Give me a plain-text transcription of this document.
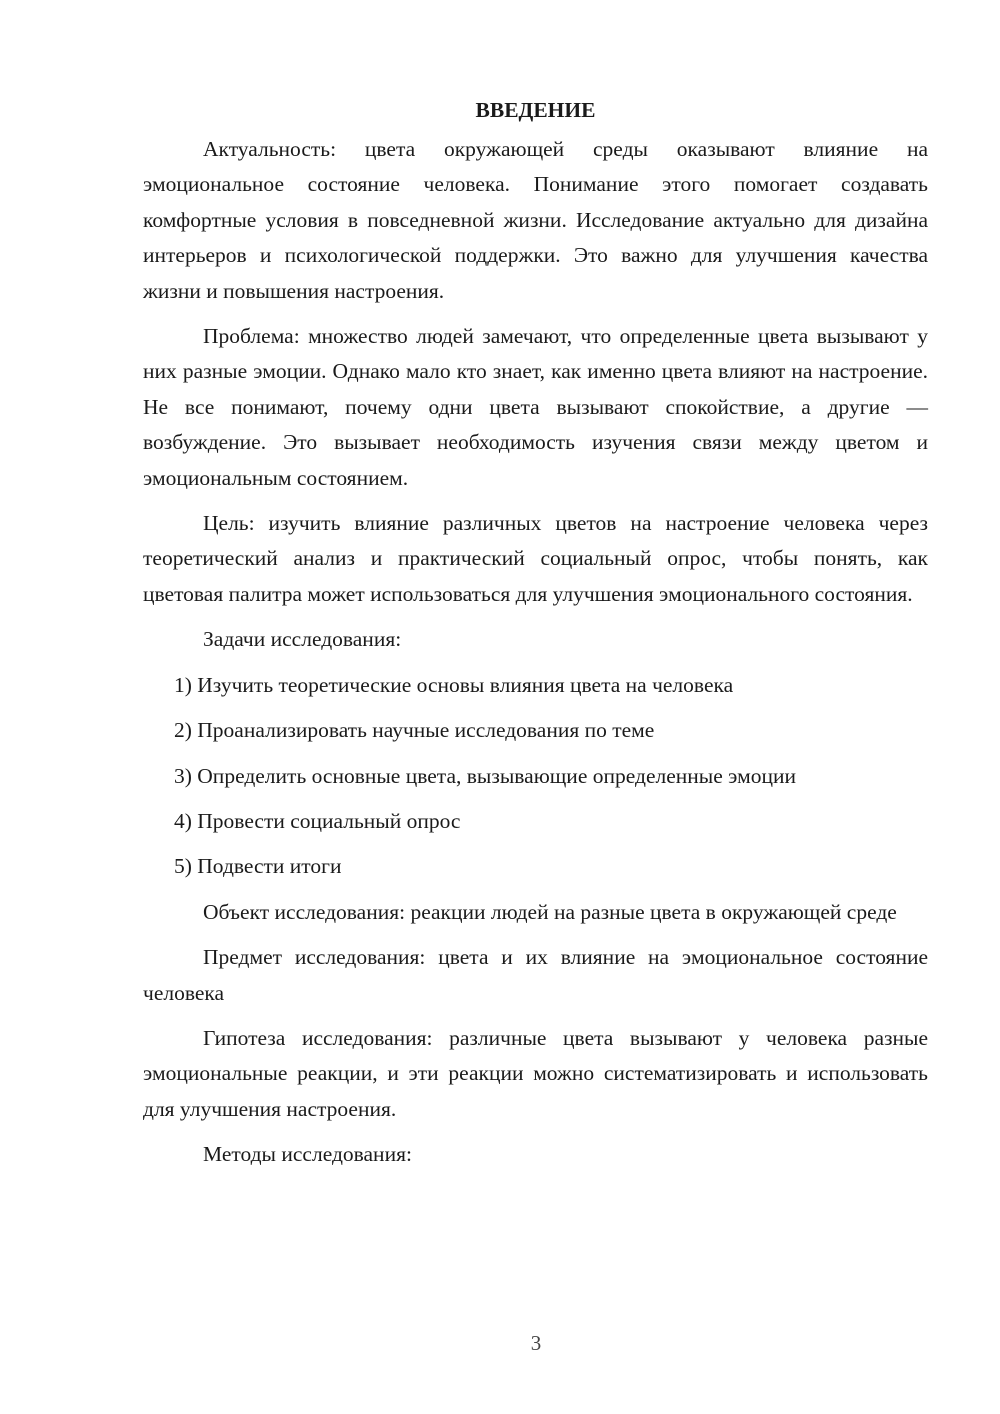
ВВЕДЕНИЕ

Актуальность: цвета окружающей среды оказывают влияние на эмоциональное состояние человека. Понимание этого помогает создавать комфортные условия в повседневной жизни. Исследование актуально для дизайна интерьеров и психологической поддержки. Это важно для улучшения качества жизни и повышения настроения.

Проблема: множество людей замечают, что определенные цвета вызывают у них разные эмоции. Однако мало кто знает, как именно цвета влияют на настроение. Не все понимают, почему одни цвета вызывают спокойствие, а другие — возбуждение. Это вызывает необходимость изучения связи между цветом и эмоциональным состоянием.

Цель: изучить влияние различных цветов на настроение человека через теоретический анализ и практический социальный опрос, чтобы понять, как цветовая палитра может использоваться для улучшения эмоционального состояния.

Задачи исследования:

1) Изучить теоретические основы влияния цвета на человека
2) Проанализировать научные исследования по теме
3) Определить основные цвета, вызывающие определенные эмоции
4) Провести социальный опрос
5) Подвести итоги

Объект исследования: реакции людей на разные цвета в окружающей среде

Предмет исследования: цвета и их влияние на эмоциональное состояние человека

Гипотеза исследования: различные цвета вызывают у человека разные эмоциональные реакции, и эти реакции можно систематизировать и использовать для улучшения настроения.

Методы исследования:

3
